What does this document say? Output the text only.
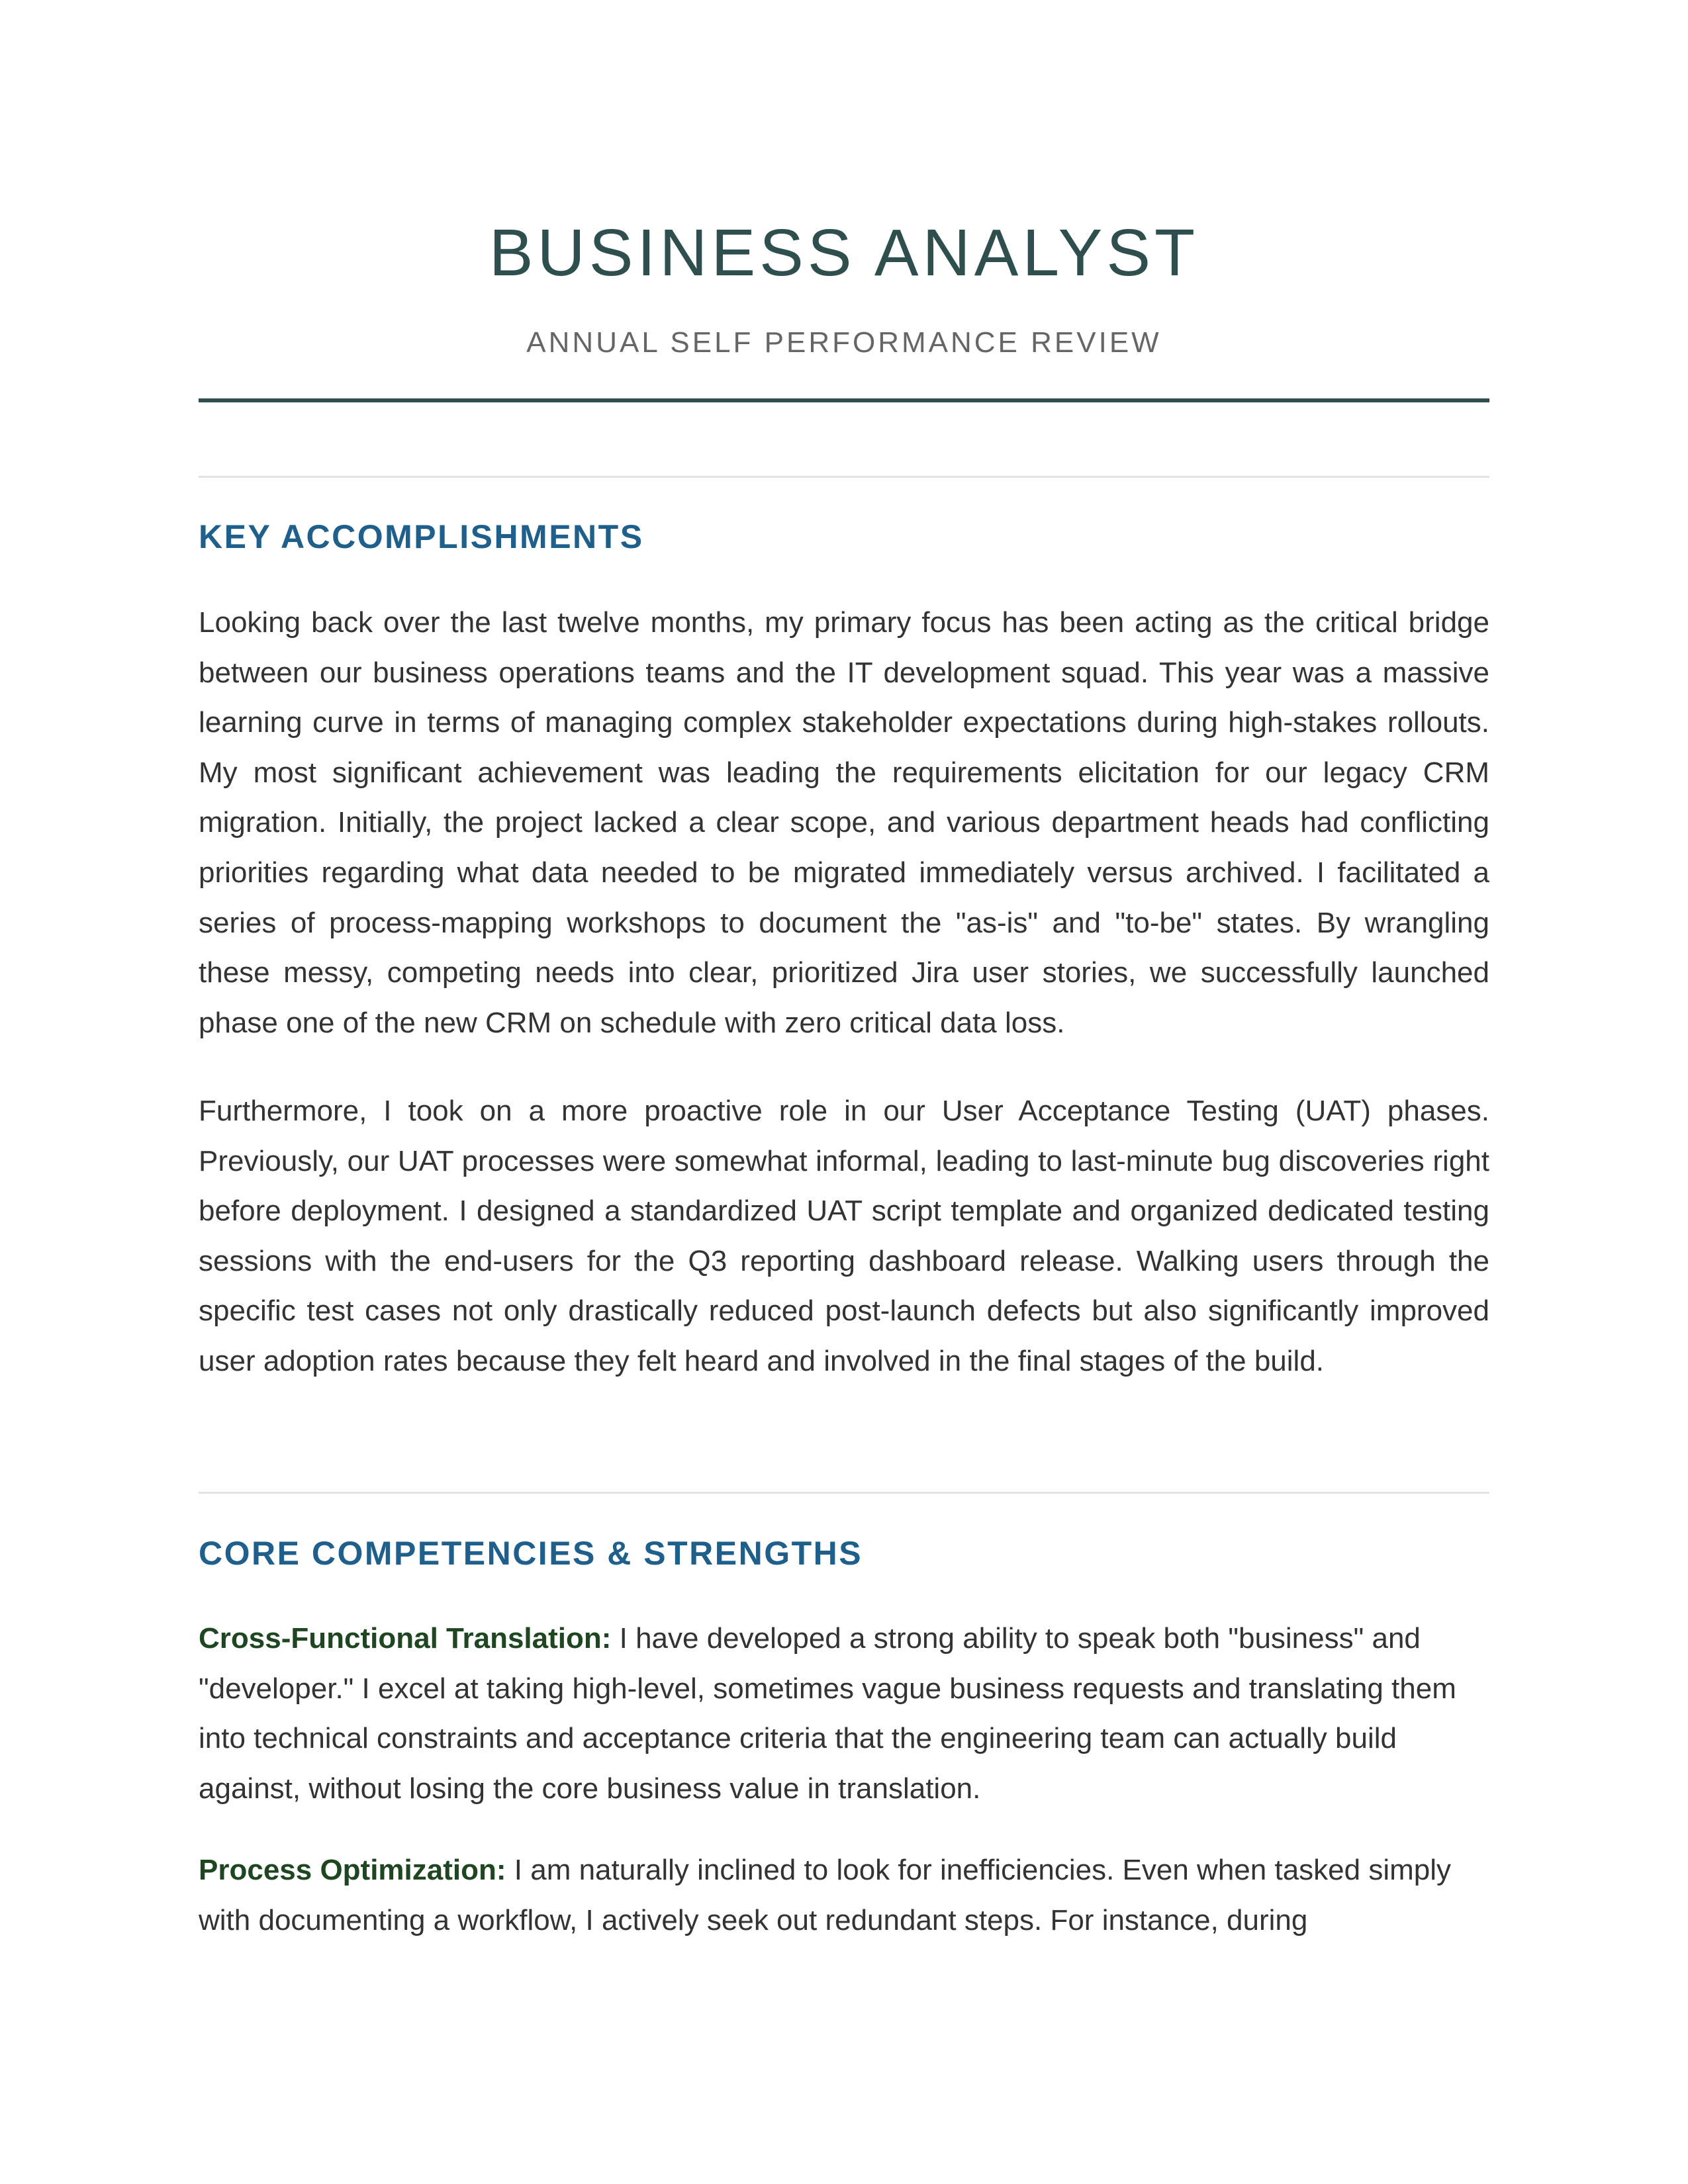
BUSINESS ANALYST

ANNUAL SELF PERFORMANCE REVIEW

KEY ACCOMPLISHMENTS

Looking back over the last twelve months, my primary focus has been acting as the critical bridge between our business operations teams and the IT development squad. This year was a massive learning curve in terms of managing complex stakeholder expectations during high-stakes rollouts. My most significant achievement was leading the requirements elicitation for our legacy CRM migration. Initially, the project lacked a clear scope, and various department heads had conflicting priorities regarding what data needed to be migrated immediately versus archived. I facilitated a series of process-mapping workshops to document the "as-is" and "to-be" states. By wrangling these messy, competing needs into clear, prioritized Jira user stories, we successfully launched phase one of the new CRM on schedule with zero critical data loss.

Furthermore, I took on a more proactive role in our User Acceptance Testing (UAT) phases. Previously, our UAT processes were somewhat informal, leading to last-minute bug discoveries right before deployment. I designed a standardized UAT script template and organized dedicated testing sessions with the end-users for the Q3 reporting dashboard release. Walking users through the specific test cases not only drastically reduced post-launch defects but also significantly improved user adoption rates because they felt heard and involved in the final stages of the build.

CORE COMPETENCIES & STRENGTHS

Cross-Functional Translation: I have developed a strong ability to speak both "business" and "developer." I excel at taking high-level, sometimes vague business requests and translating them into technical constraints and acceptance criteria that the engineering team can actually build against, without losing the core business value in translation.

Process Optimization: I am naturally inclined to look for inefficiencies. Even when tasked simply with documenting a workflow, I actively seek out redundant steps. For instance, during
